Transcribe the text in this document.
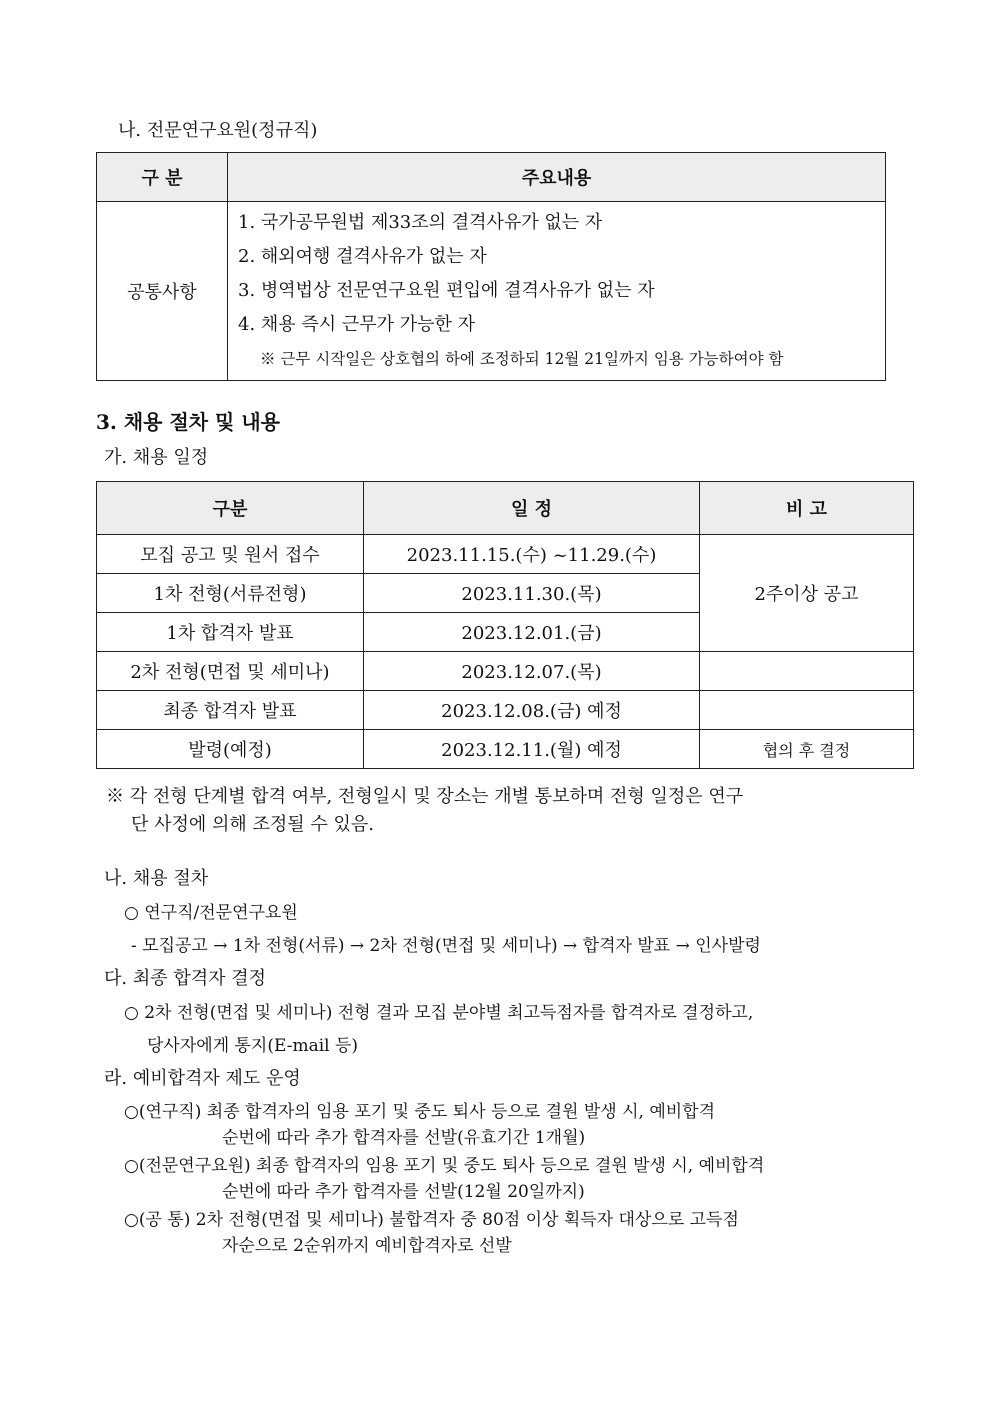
나. 전문연구요원(정규직)
구 분	주요내용
공통사항	1. 국가공무원법 제33조의 결격사유가 없는 자
2. 해외여행 결격사유가 없는 자
3. 병역법상 전문연구요원 편입에 결격사유가 없는 자
4. 채용 즉시 근무가 가능한 자
※ 근무 시작일은 상호협의 하에 조정하되 12월 21일까지 임용 가능하여야 함
3. 채용 절차 및 내용
가. 채용 일정
구분	일 정	비 고
모집 공고 및 원서 접수	2023.11.15.(수) ~11.29.(수)	2주이상 공고
1차 전형(서류전형)	2023.11.30.(목)	
1차 합격자 발표	2023.12.01.(금)	
2차 전형(면접 및 세미나)	2023.12.07.(목)	
최종 합격자 발표	2023.12.08.(금) 예정	
발령(예정)	2023.12.11.(월) 예정	협의 후 결정
※ 각 전형 단계별 합격 여부, 전형일시 및 장소는 개별 통보하며 전형 일정은 연구
단 사정에 의해 조정될 수 있음.
나. 채용 절차
○ 연구직/전문연구요원
- 모집공고 → 1차 전형(서류) → 2차 전형(면접 및 세미나) → 합격자 발표 → 인사발령
다. 최종 합격자 결정
○ 2차 전형(면접 및 세미나) 전형 결과 모집 분야별 최고득점자를 합격자로 결정하고,
당사자에게 통지(E-mail 등)
라. 예비합격자 제도 운영
○(연구직) 최종 합격자의 임용 포기 및 중도 퇴사 등으로 결원 발생 시, 예비합격
순번에 따라 추가 합격자를 선발(유효기간 1개월)
○(전문연구요원) 최종 합격자의 임용 포기 및 중도 퇴사 등으로 결원 발생 시, 예비합격
순번에 따라 추가 합격자를 선발(12월 20일까지)
○(공 통) 2차 전형(면접 및 세미나) 불합격자 중 80점 이상 획득자 대상으로 고득점
자순으로 2순위까지 예비합격자로 선발
